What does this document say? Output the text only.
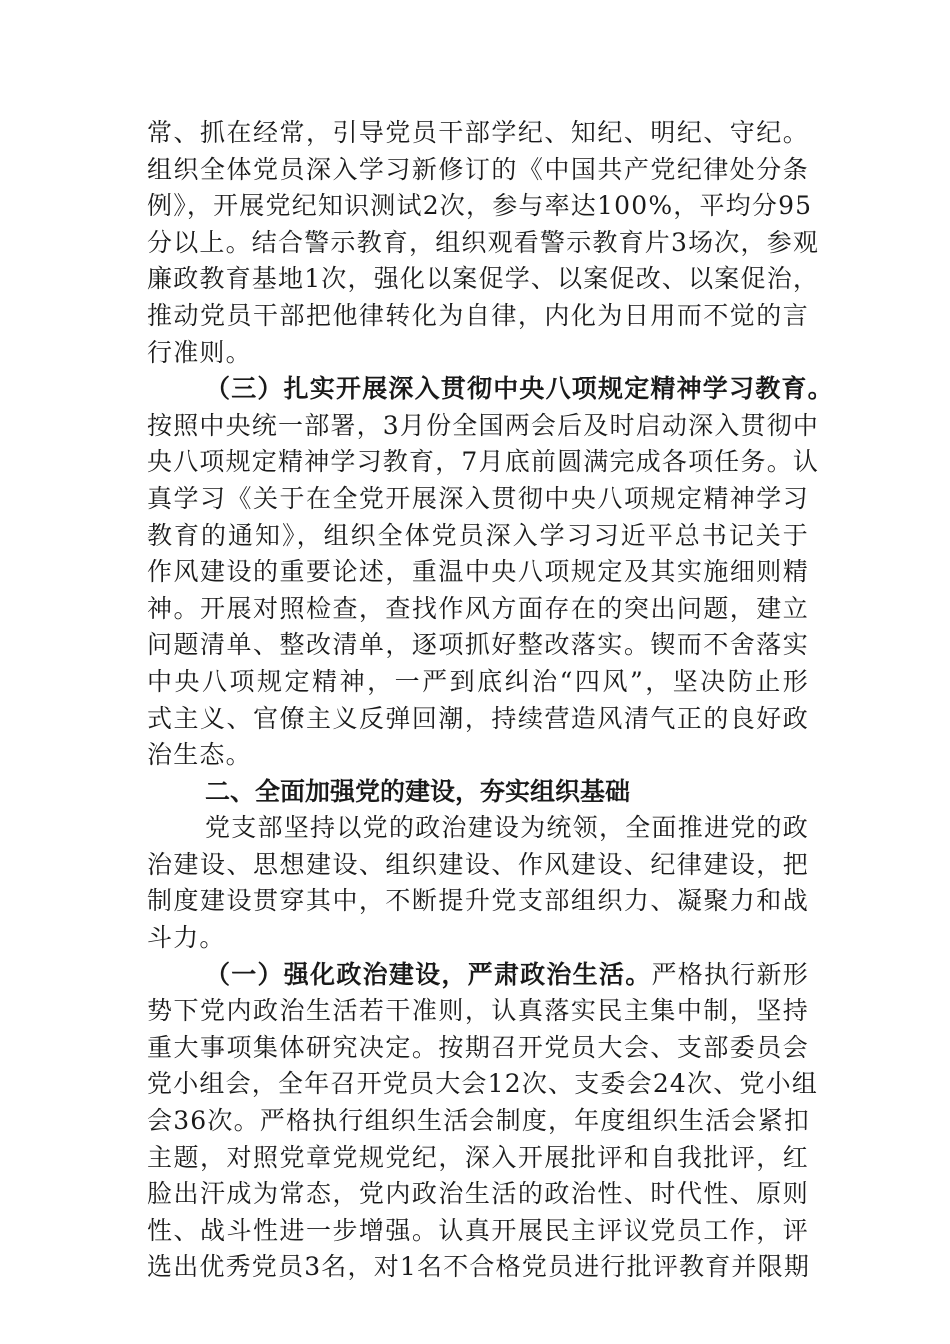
常、抓在经常，引导党员干部学纪、知纪、明纪、守纪。
组织全体党员深入学习新修订的《中国共产党纪律处分条
例》，开展党纪知识测试2次，参与率达100%，平均分95
分以上。结合警示教育，组织观看警示教育片3场次，参观
廉政教育基地1次，强化以案促学、以案促改、以案促治，
推动党员干部把他律转化为自律，内化为日用而不觉的言
行准则。
（三）扎实开展深入贯彻中央八项规定精神学习教育。
按照中央统一部署，3月份全国两会后及时启动深入贯彻中
央八项规定精神学习教育，7月底前圆满完成各项任务。认
真学习《关于在全党开展深入贯彻中央八项规定精神学习
教育的通知》，组织全体党员深入学习习近平总书记关于
作风建设的重要论述，重温中央八项规定及其实施细则精
神。开展对照检查，查找作风方面存在的突出问题，建立
问题清单、整改清单，逐项抓好整改落实。锲而不舍落实
中央八项规定精神，一严到底纠治“四风”，坚决防止形
式主义、官僚主义反弹回潮，持续营造风清气正的良好政
治生态。
二、全面加强党的建设，夯实组织基础
党支部坚持以党的政治建设为统领，全面推进党的政
治建设、思想建设、组织建设、作风建设、纪律建设，把
制度建设贯穿其中，不断提升党支部组织力、凝聚力和战
斗力。
（一）强化政治建设，严肃政治生活。严格执行新形
势下党内政治生活若干准则，认真落实民主集中制，坚持
重大事项集体研究决定。按期召开党员大会、支部委员会
党小组会，全年召开党员大会12次、支委会24次、党小组
会36次。严格执行组织生活会制度，年度组织生活会紧扣
主题，对照党章党规党纪，深入开展批评和自我批评，红
脸出汗成为常态，党内政治生活的政治性、时代性、原则
性、战斗性进一步增强。认真开展民主评议党员工作，评
选出优秀党员3名，对1名不合格党员进行批评教育并限期
